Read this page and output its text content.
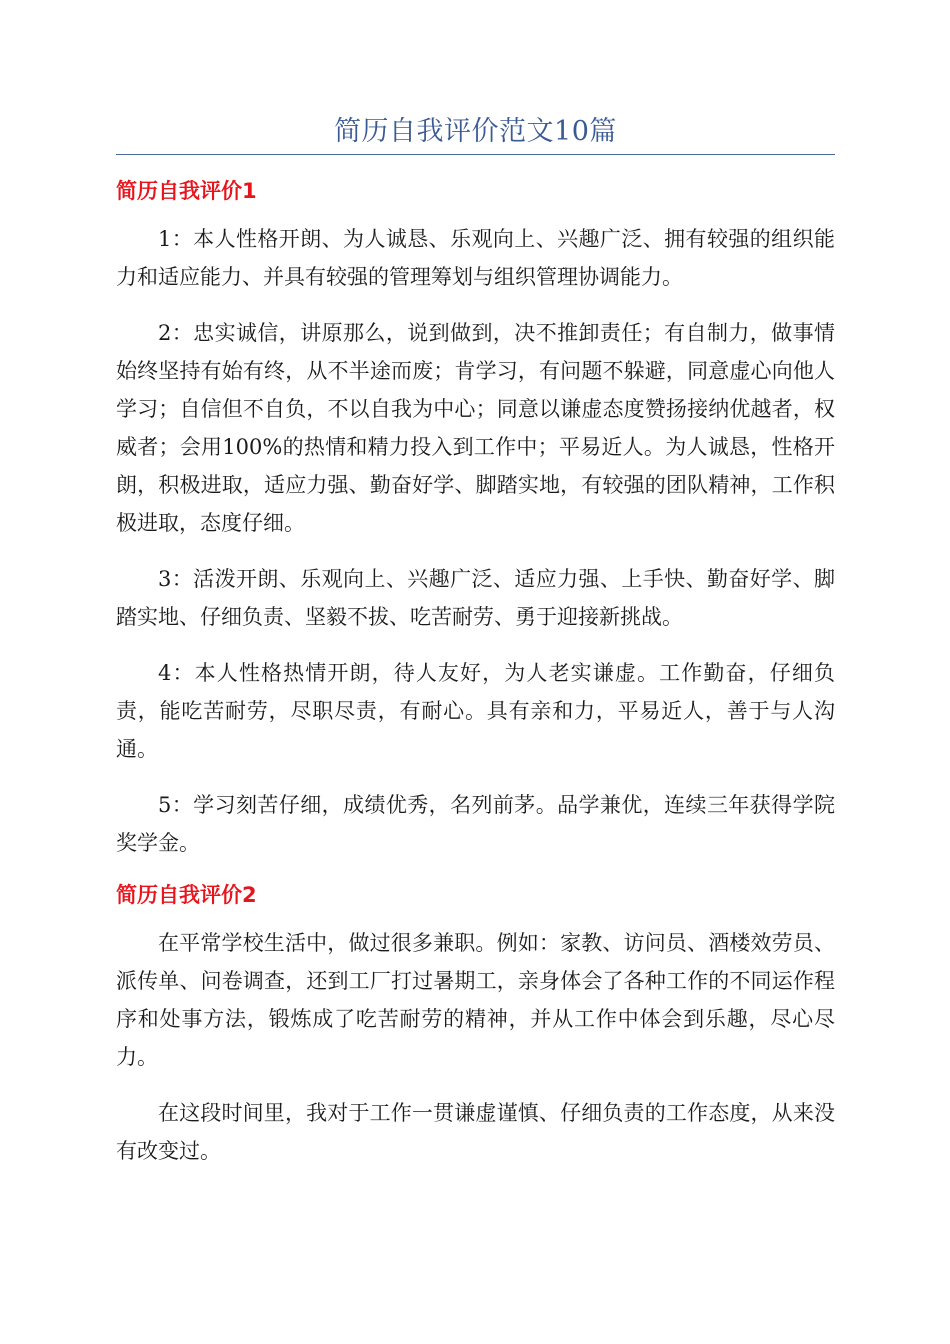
简历自我评价范文10篇
简历自我评价1

1：本人性格开朗、为人诚恳、乐观向上、兴趣广泛、拥有较强的组织能力和适应能力、并具有较强的管理筹划与组织管理协调能力。

2：忠实诚信，讲原那么，说到做到，决不推卸责任；有自制力，做事情始终坚持有始有终，从不半途而废；肯学习，有问题不躲避，同意虚心向他人学习；自信但不自负，不以自我为中心；同意以谦虚态度赞扬接纳优越者，权威者；会用100%的热情和精力投入到工作中；平易近人。为人诚恳，性格开朗，积极进取，适应力强、勤奋好学、脚踏实地，有较强的团队精神，工作积极进取，态度仔细。

3：活泼开朗、乐观向上、兴趣广泛、适应力强、上手快、勤奋好学、脚踏实地、仔细负责、坚毅不拔、吃苦耐劳、勇于迎接新挑战。

4：本人性格热情开朗，待人友好，为人老实谦虚。工作勤奋，仔细负责，能吃苦耐劳，尽职尽责，有耐心。具有亲和力，平易近人，善于与人沟通。

5：学习刻苦仔细，成绩优秀，名列前茅。品学兼优，连续三年获得学院奖学金。

简历自我评价2

在平常学校生活中，做过很多兼职。例如：家教、访问员、酒楼效劳员、派传单、问卷调查，还到工厂打过暑期工，亲身体会了各种工作的不同运作程序和处事方法，锻炼成了吃苦耐劳的精神，并从工作中体会到乐趣，尽心尽力。

在这段时间里，我对于工作一贯谦虚谨慎、仔细负责的工作态度，从来没有改变过。
